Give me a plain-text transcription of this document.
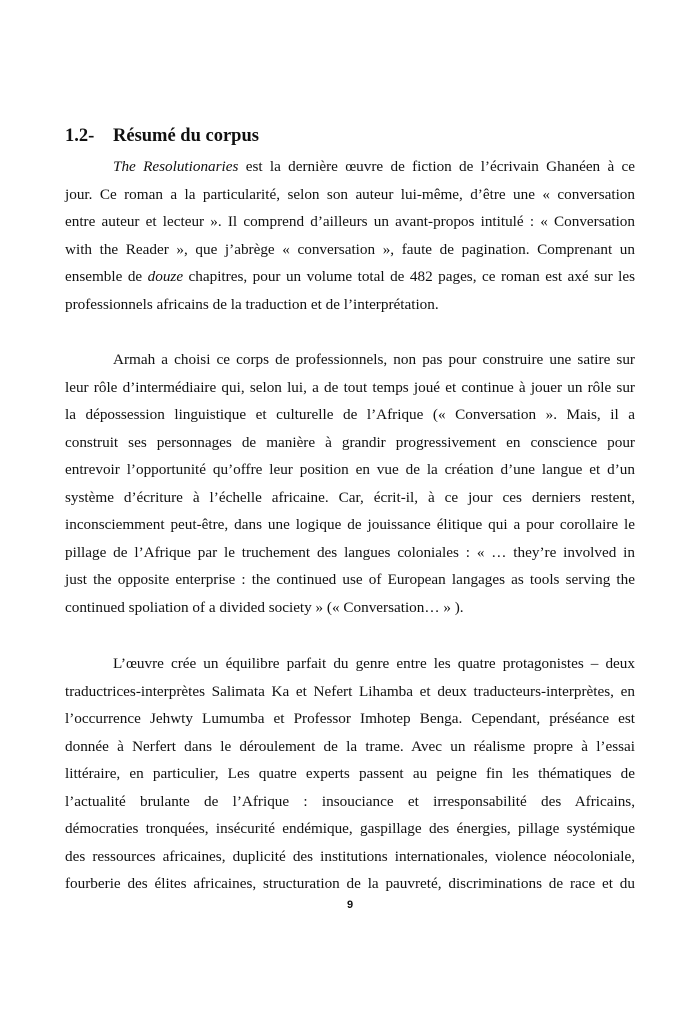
1.2- Résumé du corpus
The Resolutionaries est la dernière œuvre de fiction de l’écrivain Ghanéen à ce
jour. Ce roman a la particularité, selon son auteur lui-même, d’être une « conversation
entre auteur et lecteur ». Il comprend d’ailleurs un avant-propos intitulé : « Conversation
with the Reader », que j’abrège « conversation », faute de pagination. Comprenant un
ensemble de douze chapitres, pour un volume total de 482 pages, ce roman est axé sur les
professionnels africains de la traduction et de l’interprétation.
Armah a choisi ce corps de professionnels, non pas pour construire une satire sur
leur rôle d’intermédiaire qui, selon lui, a de tout temps joué et continue à jouer un rôle sur
la dépossession linguistique et culturelle de l’Afrique (« Conversation ». Mais, il a
construit ses personnages de manière à grandir progressivement en conscience pour
entrevoir l’opportunité qu’offre leur position en vue de la création d’une langue et d’un
système d’écriture à l’échelle africaine. Car, écrit-il, à ce jour ces derniers restent,
inconsciemment peut-être, dans une logique de jouissance élitique qui a pour corollaire le
pillage de l’Afrique par le truchement des langues coloniales : « … they’re involved in
just the opposite enterprise : the continued use of European langages as tools serving the
continued spoliation of a divided society » (« Conversation… » ).
L’œuvre crée un équilibre parfait du genre entre les quatre protagonistes – deux
traductrices-interprètes Salimata Ka et Nefert Lihamba et deux traducteurs-interprètes, en
l’occurrence Jehwty Lumumba et Professor Imhotep Benga. Cependant, préséance est
donnée à Nerfert dans le déroulement de la trame. Avec un réalisme propre à l’essai
littéraire, en particulier, Les quatre experts passent au peigne fin les thématiques de
l’actualité brulante de l’Afrique : insouciance et irresponsabilité des Africains,
démocraties tronquées, insécurité endémique, gaspillage des énergies, pillage systémique
des ressources africaines, duplicité des institutions internationales, violence néocoloniale,
fourberie des élites africaines, structuration de la pauvreté, discriminations de race et du
9
